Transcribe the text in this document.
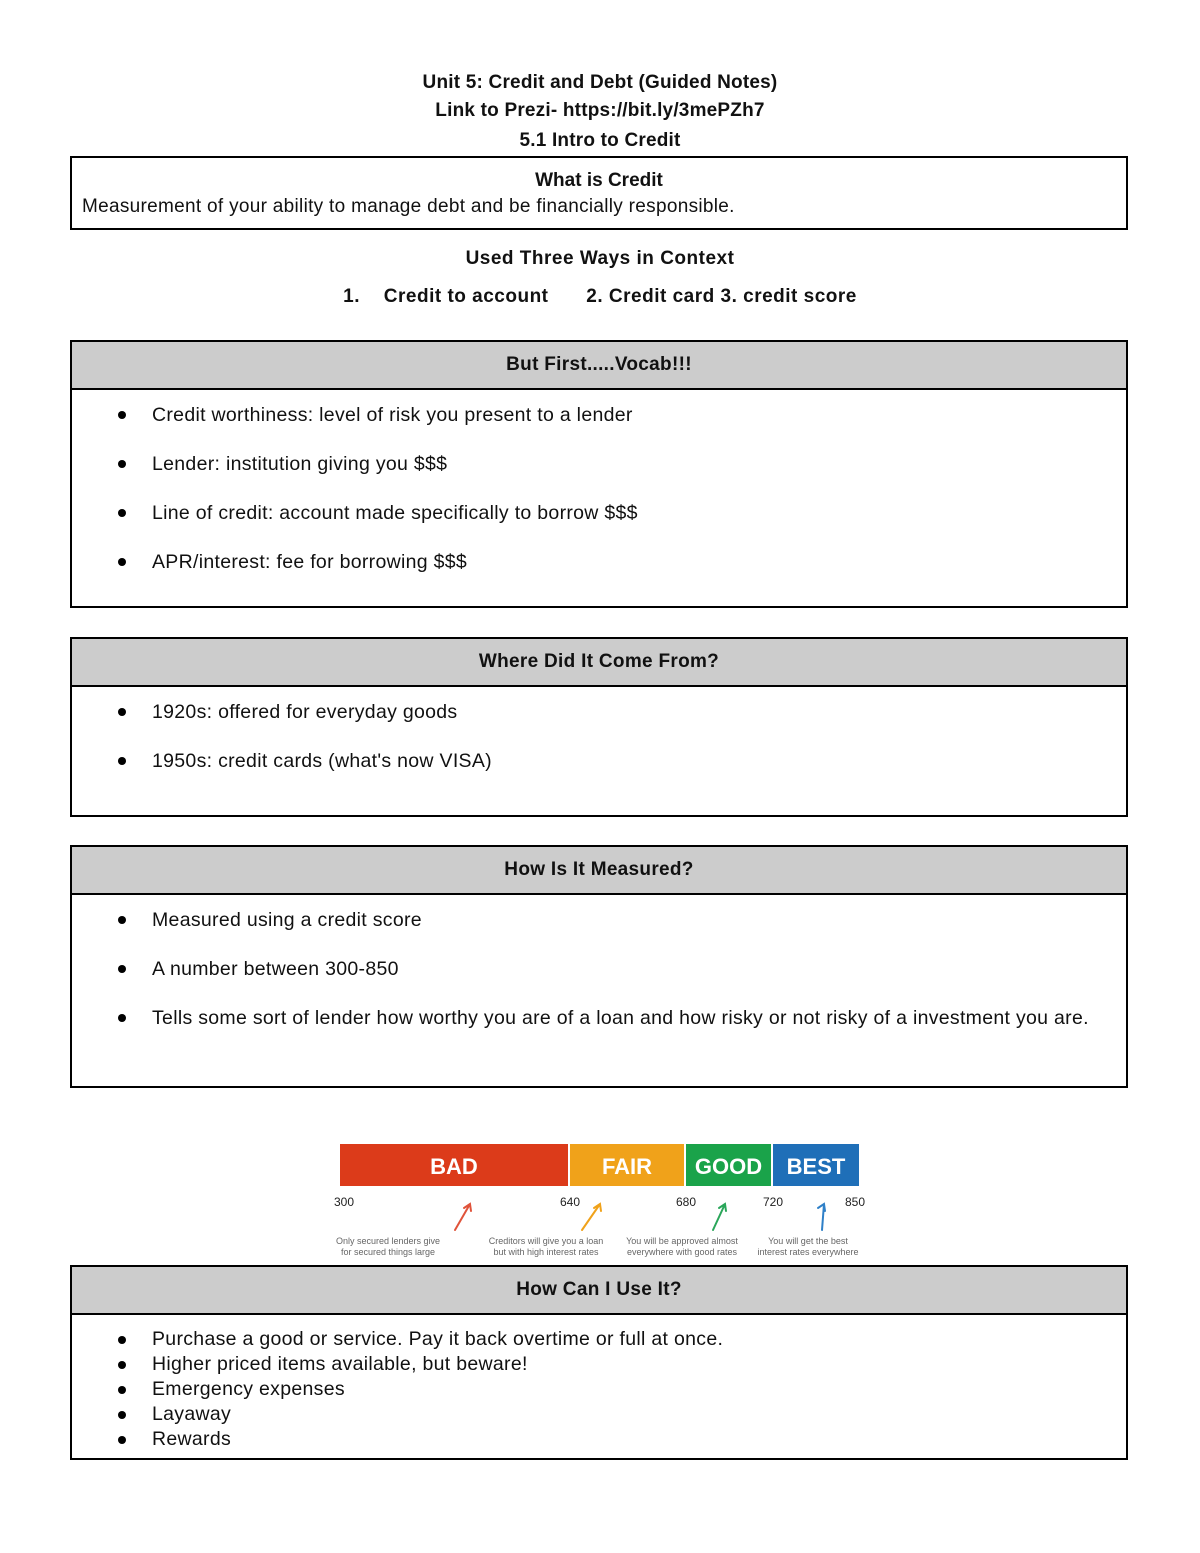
Unit 5: Credit and Debt (Guided Notes)
Link to Prezi- https://bit.ly/3mePZh7
5.1 Intro to Credit
What is Credit
Measurement of your ability to manage debt and be financially responsible.
Used Three Ways in Context
1. Credit to account 2. Credit card 3. credit score
But First.....Vocab!!!
Credit worthiness: level of risk you present to a lender
Lender: institution giving you $$$
Line of credit: account made specifically to borrow $$$
APR/interest: fee for borrowing $$$
Where Did It Come From?
1920s: offered for everyday goods
1950s: credit cards (what's now VISA)
How Is It Measured?
Measured using a credit score
A number between 300-850
Tells some sort of lender how worthy you are of a loan and how risky or not risky of a investment you are.
BAD	FAIR GOOD BEST
300	640	680	720	850
Only secured lenders give
for secured things large
Creditors will give you a loan
but with high interest rates
You will be approved almost
everywhere with good rates
You will get the best
interest rates everywhere
How Can I Use It?
Purchase a good or service. Pay it back overtime or full at once.
Higher priced items available, but beware!
Emergency expenses
Layaway
Rewards
